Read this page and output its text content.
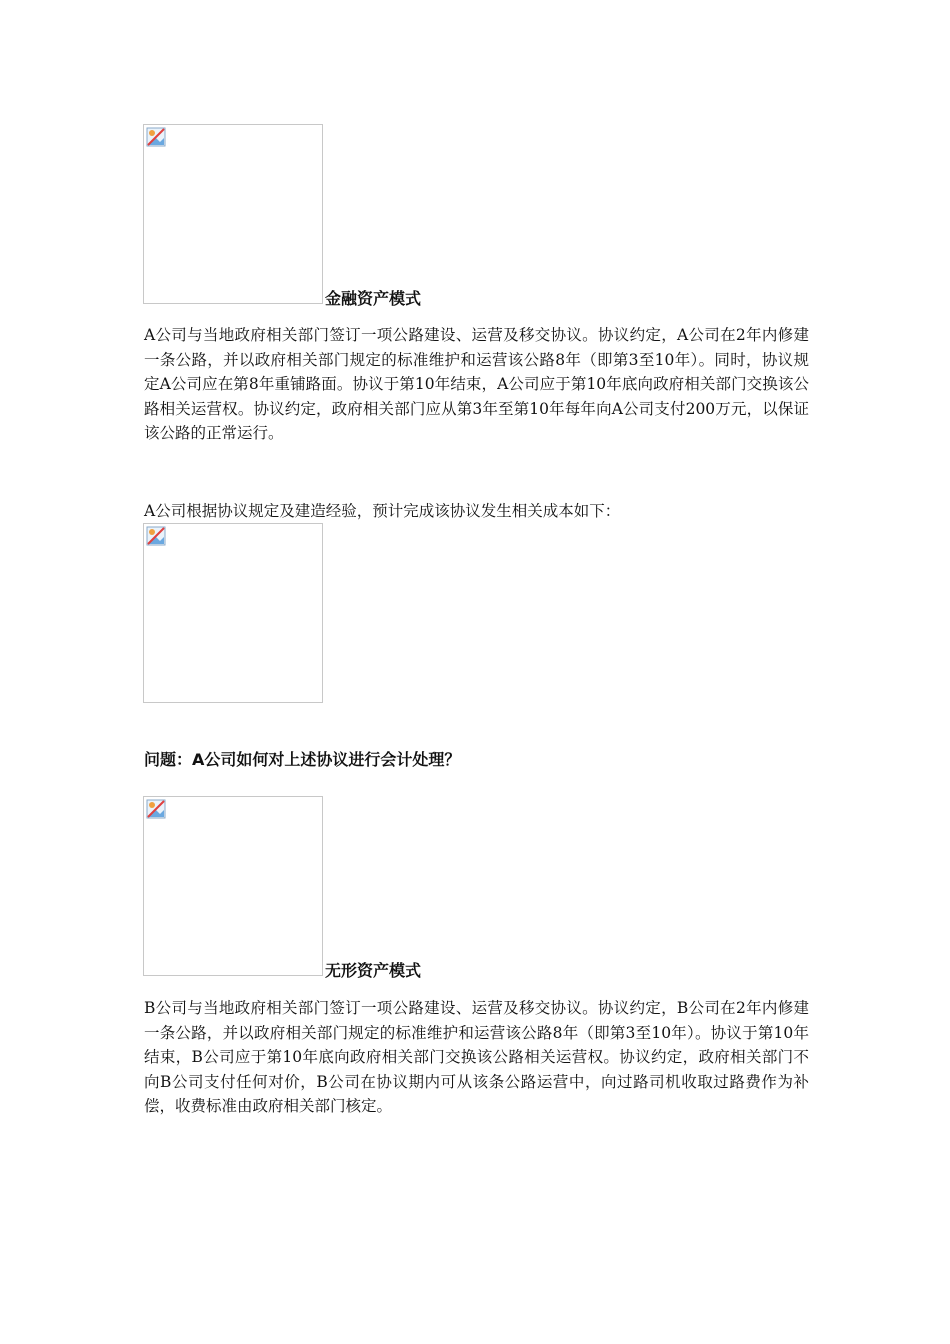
金融资产模式

A公司与当地政府相关部门签订一项公路建设、运营及移交协议。协议约定，A公司在2年内修建一条公路，并以政府相关部门规定的标准维护和运营该公路8年（即第3至10年）。同时，协议规定A公司应在第8年重铺路面。协议于第10年结束，A公司应于第10年底向政府相关部门交换该公路相关运营权。协议约定，政府相关部门应从第3年至第10年每年向A公司支付200万元，以保证该公路的正常运行。

A公司根据协议规定及建造经验，预计完成该协议发生相关成本如下：

问题：A公司如何对上述协议进行会计处理？
无形资产模式

B公司与当地政府相关部门签订一项公路建设、运营及移交协议。协议约定，B公司在2年内修建一条公路，并以政府相关部门规定的标准维护和运营该公路8年（即第3至10年）。协议于第10年结束，B公司应于第10年底向政府相关部门交换该公路相关运营权。协议约定，政府相关部门不向B公司支付任何对价，B公司在协议期内可从该条公路运营中，向过路司机收取过路费作为补偿，收费标准由政府相关部门核定。
